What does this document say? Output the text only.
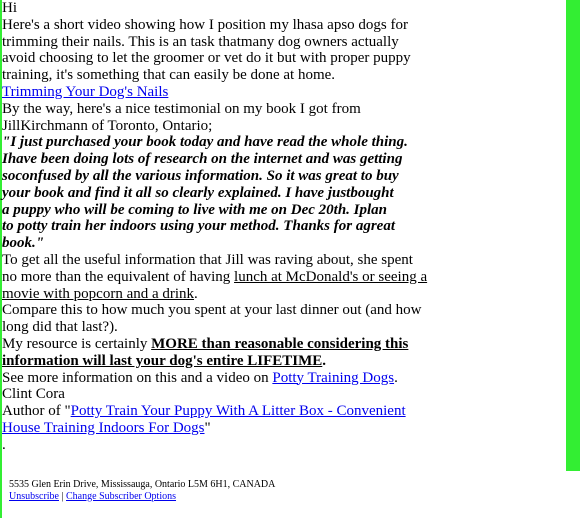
Hi

Here's a short video showing how I position my lhasa apso dogs for trimming their nails. This is an task thatmany dog owners actually avoid choosing to let the groomer or vet do it but with proper puppy training, it's something that can easily be done at home.

Trimming Your Dog's Nails

By the way, here's a nice testimonial on my book I got from JillKirchmann of Toronto, Ontario;

"I just purchased your book today and have read the whole thing.
Ihave been doing lots of research on the internet and was getting
soconfused by all the various information. So it was great to buy
your book and find it all so clearly explained. I have justbought
a puppy who will be coming to live with me on Dec 20th. Iplan
to potty train her indoors using your method. Thanks for agreat
book."

To get all the useful information that Jill was raving about, she spent no more than the equivalent of having lunch at McDonald's or seeing a movie with popcorn and a drink.

Compare this to how much you spent at your last dinner out (and how long did that last?).

My resource is certainly MORE than reasonable considering this information will last your dog's entire LIFETIME.

See more information on this and a video on Potty Training Dogs.

Clint Cora

Author of "Potty Train Your Puppy With A Litter Box - Convenient House Training Indoors For Dogs"

.

5535 Glen Erin Drive, Mississauga, Ontario L5M 6H1, CANADA
Unsubscribe | Change Subscriber Options
